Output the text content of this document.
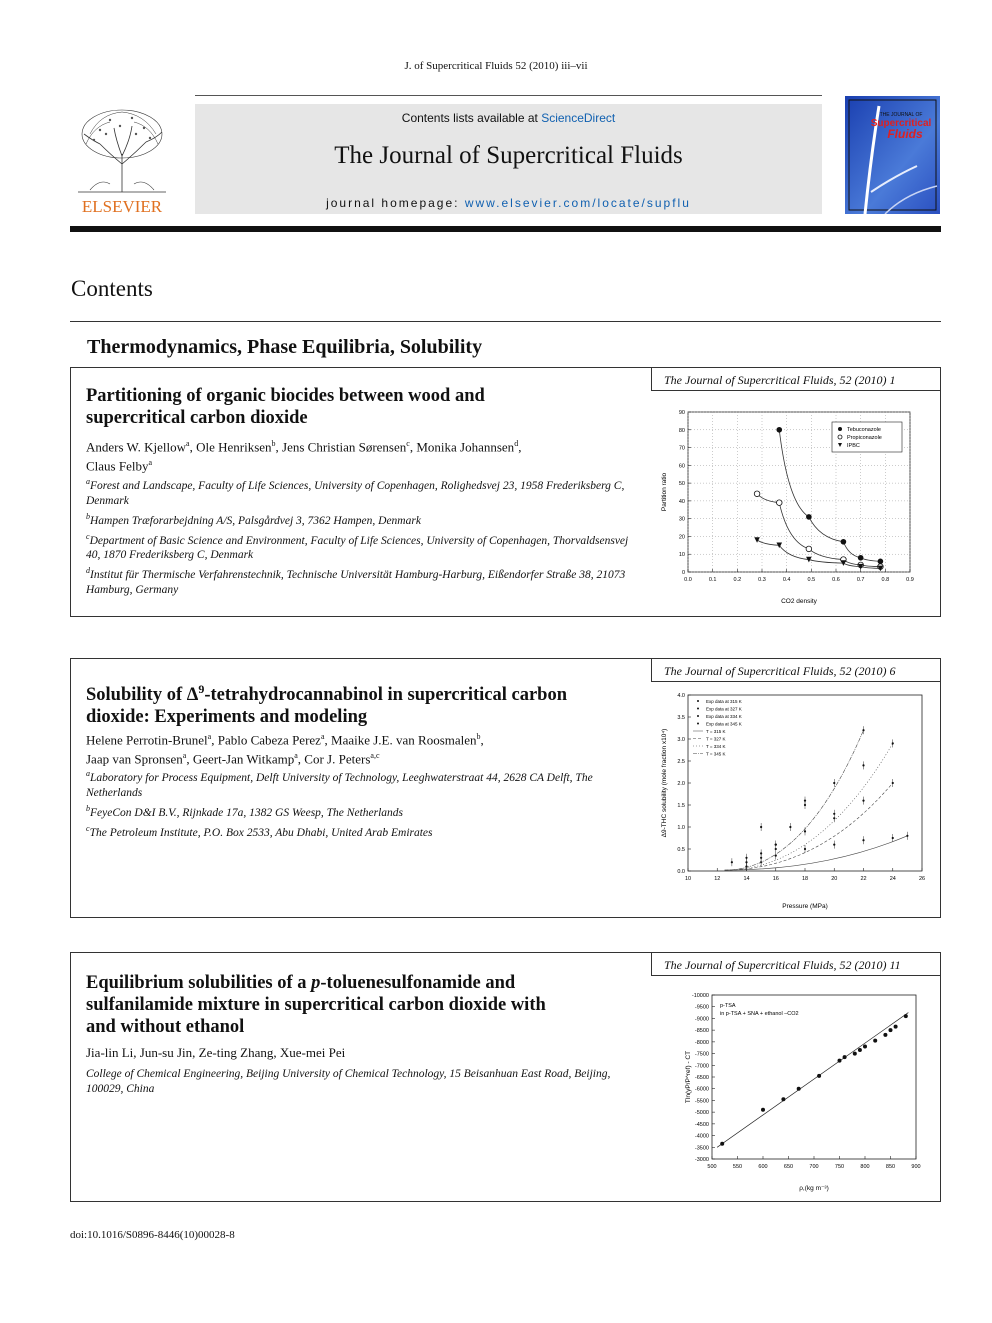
J. of Supercritical Fluids 52 (2010) iii–vii
ELSEVIER
Contents lists available at ScienceDirect
The Journal of Supercritical Fluids
journal homepage: www.elsevier.com/locate/supflu
THE JOURNAL OF
Supercritical
Fluids
Contents
Thermodynamics, Phase Equilibria, Solubility
The Journal of Supercritical Fluids, 52 (2010) 1
Partitioning of organic biocides between wood and
supercritical carbon dioxide
Anders W. Kjellow$^a$, Ole Henriksen$^b$, Jens Christian Sørensen$^c$, Monika Johannsen$^d$,
Claus Felby$^a$
$^a$Forest and Landscape, Faculty of Life Sciences, University of Copenhagen, Rolighedsvej 23, 1958 Frederiksberg C, Denmark
$^b$Hampen Træforarbejdning A/S, Palsgårdvej 3, 7362 Hampen, Denmark
$^c$Department of Basic Science and Environment, Faculty of Life Sciences, University of Copenhagen, Thorvaldsensvej 40, 1870 Frederiksberg C, Denmark
$^d$Institut für Thermische Verfahrenstechnik, Technische Universität Hamburg-Harburg, Eißendorfer Straße 38, 21073 Hamburg, Germany
0.0	0.1	0.2	0.3	0.4	0.5	0.6	0.7	0.8	0.9
0
10
20
30
40
50
60
70
80
90
CO2 density
Partition ratio
Tebuconazole
Propiconazole
IPBC
The Journal of Supercritical Fluids, 52 (2010) 6
Solubility of $\Delta^9$-tetrahydrocannabinol in supercritical carbon
dioxide: Experiments and modeling
Helene Perrotin-Brunel$^a$, Pablo Cabeza Perez$^a$, Maaike J.E. van Roosmalen$^b$,
Jaap van Spronsen$^a$, Geert-Jan Witkamp$^a$, Cor J. Peters$^{a,c}$
$^a$Laboratory for Process Equipment, Delft University of Technology, Leeghwaterstraat 44, 2628 CA Delft, The Netherlands
$^b$FeyeCon D&I B.V., Rijnkade 17a, 1382 GS Weesp, The Netherlands
$^c$The Petroleum Institute, P.O. Box 2533, Abu Dhabi, United Arab Emirates
10	12	14	16	18	20	22	24	26
0.0
0.5
1.0
1.5
2.0
2.5
3.0
3.5
4.0
Pressure (MPa)
Δ9-THC solubility (mole fraction x10⁴)
Exp data at 315 K
Exp data at 327 K
Exp data at 334 K
Exp data at 345 K
T = 315 K
T = 327 K
T = 334 K
T = 345 K
The Journal of Supercritical Fluids, 52 (2010) 11
Equilibrium solubilities of a p-toluenesulfonamide and
sulfanilamide mixture in supercritical carbon dioxide with
and without ethanol
Jia-lin Li, Jun-su Jin, Ze-ting Zhang, Xue-mei Pei
College of Chemical Engineering, Beijing University of Chemical Technology, 15 Beisanhuan East Road, Beijing, 100029, China
500	550	600	650	700	750	800	850	900
-3000
-3500
-4000
-4500
-5000
-5500
-6000
-6500
-7000
-7500
-8000
-8500
-9000
-9500
-10000
ρ,(kg m⁻³)
Tln(yP/P^ref) - CT
p-TSA
in p-TSA + SNA + ethanol –CO2
doi:10.1016/S0896-8446(10)00028-8
